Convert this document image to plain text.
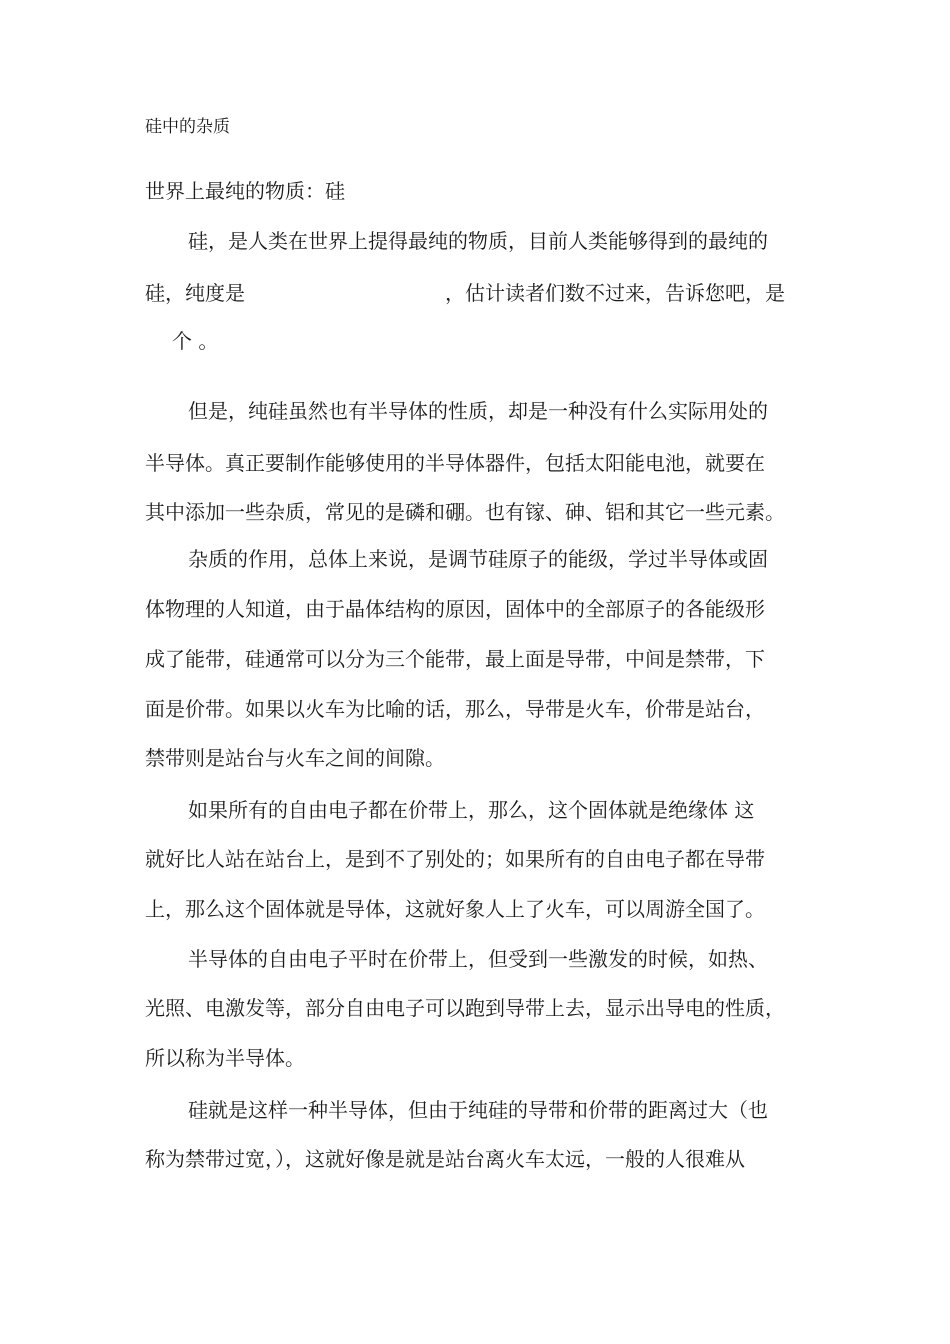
硅中的杂质
世界上最纯的物质：硅
硅，是人类在世界上提得最纯的物质，目前人类能够得到的最纯的
硅，纯度是	，估计读者们数不过来，告诉您吧，是
个 。
但是，纯硅虽然也有半导体的性质，却是一种没有什么实际用处的
半导体。真正要制作能够使用的半导体器件，包括太阳能电池，就要在
其中添加一些杂质，常见的是磷和硼。也有镓、砷、铝和其它一些元素。
杂质的作用，总体上来说，是调节硅原子的能级，学过半导体或固
体物理的人知道，由于晶体结构的原因，固体中的全部原子的各能级形
成了能带，硅通常可以分为三个能带，最上面是导带，中间是禁带，下
面是价带。如果以火车为比喻的话，那么，导带是火车，价带是站台，
禁带则是站台与火车之间的间隙。
如果所有的自由电子都在价带上，那么，这个固体就是绝缘体 这
就好比人站在站台上，是到不了别处的；如果所有的自由电子都在导带
上，那么这个固体就是导体，这就好象人上了火车，可以周游全国了。
半导体的自由电子平时在价带上，但受到一些激发的时候，如热、
光照、电激发等，部分自由电子可以跑到导带上去，显示出导电的性质，
所以称为半导体。
硅就是这样一种半导体，但由于纯硅的导带和价带的距离过大（也
称为禁带过宽，），这就好像是就是站台离火车太远，一般的人很难从
